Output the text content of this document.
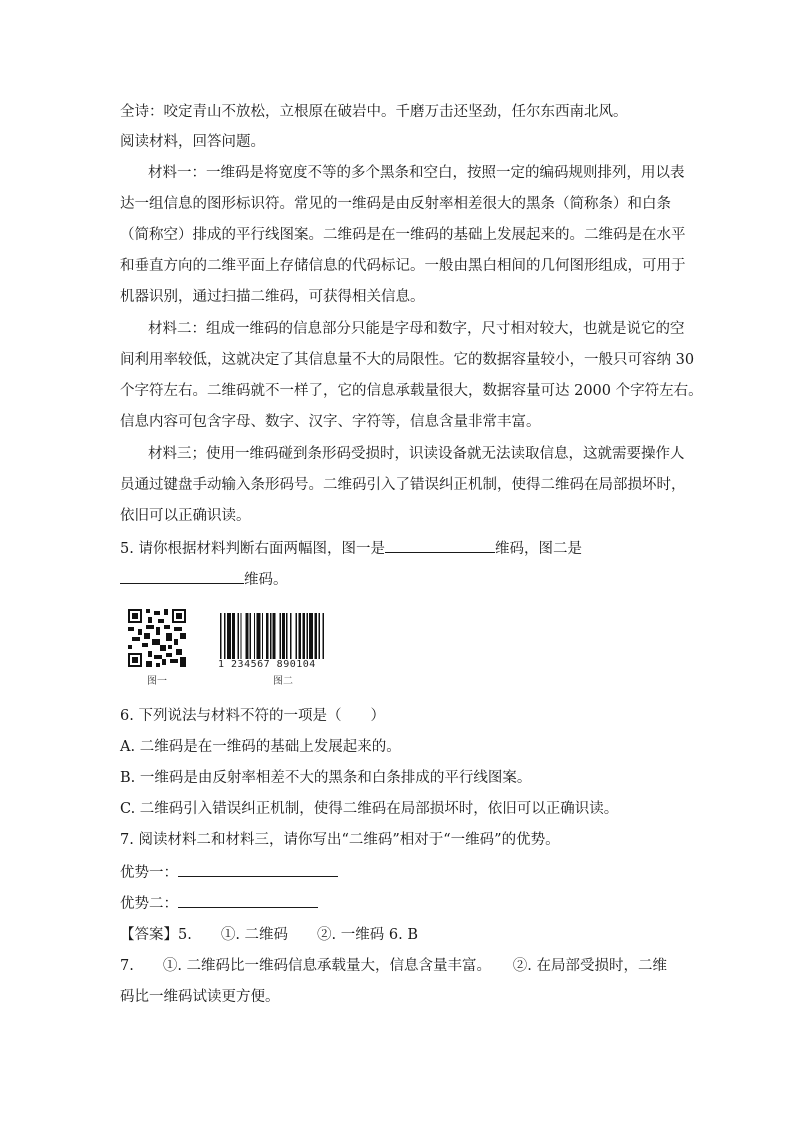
全诗：咬定青山不放松，立根原在破岩中。千磨万击还坚劲，任尔东西南北风。
阅读材料，回答问题。
材料一：一维码是将宽度不等的多个黑条和空白，按照一定的编码规则排列，用以表
达一组信息的图形标识符。常见的一维码是由反射率相差很大的黑条（简称条）和白条
（简称空）排成的平行线图案。二维码是在一维码的基础上发展起来的。二维码是在水平
和垂直方向的二维平面上存储信息的代码标记。一般由黑白相间的几何图形组成，可用于
机器识别，通过扫描二维码，可获得相关信息。
材料二：组成一维码的信息部分只能是字母和数字，尺寸相对较大，也就是说它的空
间利用率较低，这就决定了其信息量不大的局限性。它的数据容量较小，一般只可容纳 30
个字符左右。二维码就不一样了，它的信息承载量很大，数据容量可达 2000 个字符左右。
信息内容可包含字母、数字、汉字、字符等，信息含量非常丰富。
材料三；使用一维码碰到条形码受损时，识读设备就无法读取信息，这就需要操作人
员通过键盘手动输入条形码号。二维码引入了错误纠正机制，使得二维码在局部损坏时，
依旧可以正确识读。
5. 请你根据材料判断右面两幅图，图一是	维码，图二是
维码。
图一
1 234567 890104
图二
6. 下列说法与材料不符的一项是（　　）
A. 二维码是在一维码的基础上发展起来的。
B. 一维码是由反射率相差不大的黑条和白条排成的平行线图案。
C. 二维码引入错误纠正机制，使得二维码在局部损坏时，依旧可以正确识读。
7. 阅读材料二和材料三，请你写出“二维码”相对于“一维码”的优势。
优势一：
优势二：
【答案】5.　　①. 二维码　　②. 一维码 6. B
7.　　①. 二维码比一维码信息承载量大，信息含量丰富。　　②. 在局部受损时，二维
码比一维码试读更方便。
